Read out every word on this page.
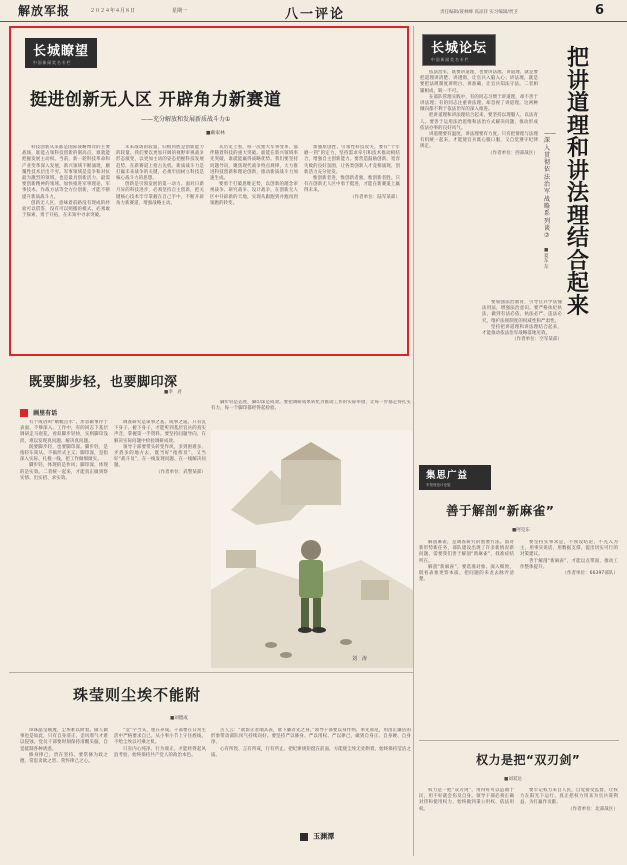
解放军报	２０２４年４月８日	星期一	八一评论	责任编辑/聂林峰 高凉洋 实习编辑/贾卫	6
长城瞭望
中国新闻奖名专栏
挺进创新无人区 开辟角力新赛道
——充分解放和发展新质战斗力①
■戴家林

科技创新从来都是国际战略博弈的主要战场，谁能占领科技创新的制高点，谁就能把握发展主动权。当前，新一轮科技革命和产业变革深入发展，新兴领域不断涌现，颠覆性技术层出不穷。军事领域是竞争和对抗最为激烈的领域，也是最具创新活力、最需要创新精神的领域。加快推进军事理论、军事技术、作战方法等全方位创新，才能不断提升新质战斗力。

创新无人区，意味着前路没有现成的经验可以借鉴，没有可以照搬的模式。必须敢于探索、勇于开拓，在未知中寻求突破。

未来战场的较量，归根到底是创新能力的较量。我们要以更加开阔的视野审视战争形态演变，以更加主动的姿态把握科技发展趋势，在新赛道上抢占先机。新质战斗力是打赢未来战争的关键，必须牢固树立科技是核心战斗力的思想。

创新是引领发展的第一动力。面对日新月异的科技进步，必须坚持自主创新，把关键核心技术牢牢掌握在自己手中，不断开辟角力新赛道，增强战略主动。

从历史上看，每一次重大军事变革，都伴随着科技的重大突破。谁能在新兴领域率先突破，谁就能赢得战略优势。我们要坚持问题导向，聚焦现代战争特点规律，大力推进科技创新和理论创新，推动新质战斗力加速生成。

要勇于打破思维定势，以创新的理念审视战争、研究战争、设计战争，在创新无人区中开辟新的天地，实现从跟跑到并跑再到领跑的转变。

加强原创性、引领性科技攻关，要有“十年磨一剑”的定力，坚持需求牵引和技术推动相结合，增强自主创新能力。要营造鼓励创新、宽容失败的良好氛围，让各类创新人才竞相涌现、创新活力充分迸发。

惟创新者进，惟创新者强，惟创新者胜。只有在创新无人区中勇于挺进，才能在新赛道上赢得未来。

（作者单位：陆军某部）

长城论坛
中国新闻奖名专栏	把讲道理和讲法理结合起来
——深入贯彻依法治军战略系列谈⑦
■夏东东

依法治军，既要讲道理，也要讲法理。讲道理，就是要把道理讲清楚、讲透彻，让官兵入脑入心；讲法理，就是要把法规制度讲明白、讲准确，让官兵知法守法。二者相辅相成，缺一不可。

在部队管理实践中，有的同志习惯于讲道理，却不善于讲法理；有的同志注重讲法理，却忽视了讲道理。这两种倾向都不利于依法治军的深入推进。

把讲道理和讲法理结合起来，要坚持以理服人、以法育人。要善于运用法治思维和法治方式解决问题，推动形成依法办事的良好风气。

讲道理要有温度，讲法理要有力度。只有把情理与法理有机统一起来，才能使官兵既心服口服，又自觉遵守纪律规定。

（作者单位：西部战区）

要加强法治教育，引导官兵学法懂法用法，增强法治意识。要严格执纪执法，做到有法必依、执法必严、违法必究，维护法规制度的权威性和严肃性。

坚持把讲道理和讲法理结合起来，才能推动依法治军战略落地见效。

（作者单位：空军某部）

既要脚步轻，也要脚印深
■李　君
画里有话

有个成语叫“蜻蜓点水”，形容做事浮于表面、不够深入。工作中，有的同志下基层调研走马观花，看似脚步轻快，实则脚印浅淡，难以发现真问题、解决真问题。

既要脚步轻，也要脚印深。脚步轻，是指轻车简从、不搞形式主义；脚印深，是指深入实际、扎根一线，把工作做细做实。

脚步轻，体现的是作风；脚印深，体现的是实效。二者统一起来，才能真正做到察实情、出实招、求实效。

调查研究是谋事之基、成事之道。只有沉下身子、俯下身子，才能听到基层官兵的真实声音，掌握第一手资料。要坚持问题导向，在解决实际问题中检验调研成效。

领导干部要带头转变作风，多到困难多、矛盾多的地方去，既当好“指挥员”，又当好“战斗员”，在一线发现问题、在一线解决问题。

（作者单位：武警某部）

脚步轻是态度，脚印深是成效。要把调研成果转化为推动工作的实际举措，让每一步都走得扎实有力，每一个脚印都经得起检验。

刘　涛
珠莹则尘埃不能附
■刘德成

珍珠晶莹剔透，尘埃难以附着。做人做事也是如此，只有自身清正，歪风邪气才难以侵蚀。党员干部要时刻保持清醒头脑，自觉抵制各种诱惑。

修身律己，贵在坚持。要常修为政之德、常思贪欲之害、常怀律己之心。

“莹”字当头，重在养成。干部要在日常生活中严格要求自己，从小事小节上守住底线，不给尘埃以可乘之机。

只有内心纯净、行为端正，才能经得起风浪考验，始终保持共产党人的政治本色。

古人云：“欲影正者端其表，欲下廉者先之身。”领导干部要以身作则、率先垂范，用清正廉洁的形象带动部队风气持续向好。要坚持严以修身、严以用权、严以律己，做到自身正、自身硬、自身净。

心有所畏，言有所戒，行有所止。把纪律规矩挺在前面，方能使尘埃无处附着，始终保持莹洁之质。

玉渊潭
集思广益
军报理论评论版
善于解剖“新麻雀”
■阿克东

解剖麻雀，是调查研究的重要方法。面对新形势新任务，部队建设出现了许多新情况新问题，需要我们善于解剖“新麻雀”，找准症结所在。

解剖“新麻雀”，要选准对象、深入细致，既看表象更察本质，把问题的来龙去脉弄清楚。

要坚持实事求是，不预设结论、不先入为主，用事实说话、用数据支撑，提出切实可行的对策建议。

善于解剖“新麻雀”，才能以点带面，推动工作整体提升。

（作者单位：66397部队）

权力是把“双刃剑”
■刘双达

权力是一把“双刃剑”，用得好可以造福于民，用不好就会伤及自身。领导干部必须正确对待和使用权力，始终做到秉公用权、依法用权。

要牢记权力来自人民，自觉接受监督，让权力在阳光下运行，真正把权力用来为官兵谋利益、为打赢作贡献。

（作者单位：北部战区）
